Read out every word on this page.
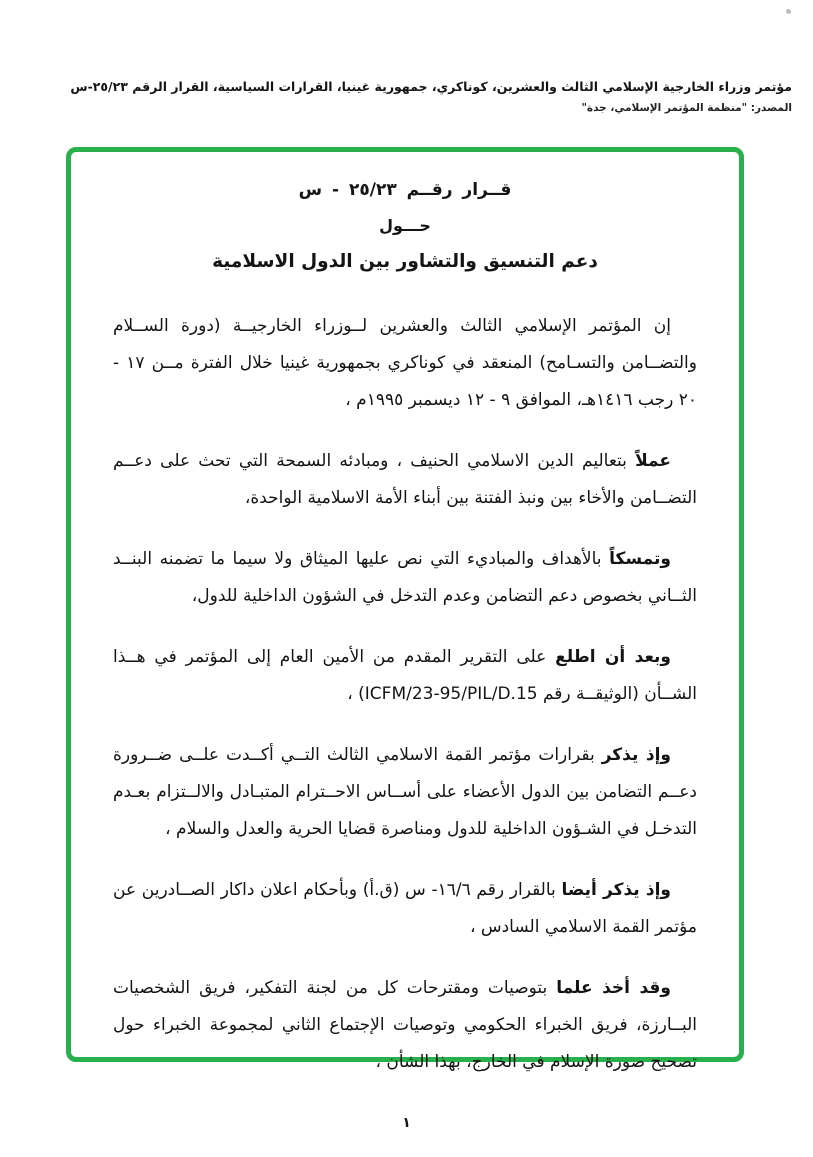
مؤتمر وزراء الخارجية الإسلامي الثالث والعشرين، كوناكري، جمهورية غينيا، القرارات السياسية، القرار الرقم ٢٥/٢٣-س
المصدر: "منظمة المؤتمر الإسلامي، جدة"
قــرار رقــم ٢٥/٢٣ - س
حـــول
دعم التنسيق والتشاور بين الدول الاسلامية

إن المؤتمر الإسلامي الثالث والعشرين لــوزراء الخارجيــة (دورة الســلام والتضــامن والتسـامح) المنعقد في كوناكري بجمهورية غينيا خلال الفترة مــن ١٧ - ٢٠ رجب ١٤١٦هـ، الموافق ٩ - ١٢ ديسمبر ١٩٩٥م ،

عملاً بتعاليم الدين الاسلامي الحنيف ، ومبادئه السمحة التي تحث على دعــم التضــامن والأخاء بين ونبذ الفتنة بين أبناء الأمة الاسلامية الواحدة،

وتمسكاً بالأهداف والمباديء التي نص عليها الميثاق ولا سيما ما تضمنه البنــد الثــاني بخصوص دعم التضامن وعدم التدخل في الشؤون الداخلية للدول،

وبعد أن اطلع على التقرير المقدم من الأمين العام إلى المؤتمر في هــذا الشــأن (الوثيقــة رقم ICFM/23-95/PIL/D.15) ،

وإذ يذكر بقرارات مؤتمر القمة الاسلامي الثالث التــي أكــدت علــى ضــرورة دعــم التضامن بين الدول الأعضاء على أســاس الاحــترام المتبـادل والالــتزام بعـدم التدخـل في الشـؤون الداخلية للدول ومناصرة قضايا الحرية والعدل والسلام ،

وإذ يذكر أيضا بالقرار رقم ١٦/٦- س (ق.أ) وبأحكام اعلان داكار الصــادرين عن مؤتمر القمة الاسلامي السادس ،

وقد أخذ علما بتوصيات ومقترحات كل من لجنة التفكير، فريق الشخصيات البــارزة، فريق الخبراء الحكومي وتوصيات الإجتماع الثاني لمجموعة الخبراء حول تصحيح صورة الإسلام في الخارج، بهذا الشأن ،

١
